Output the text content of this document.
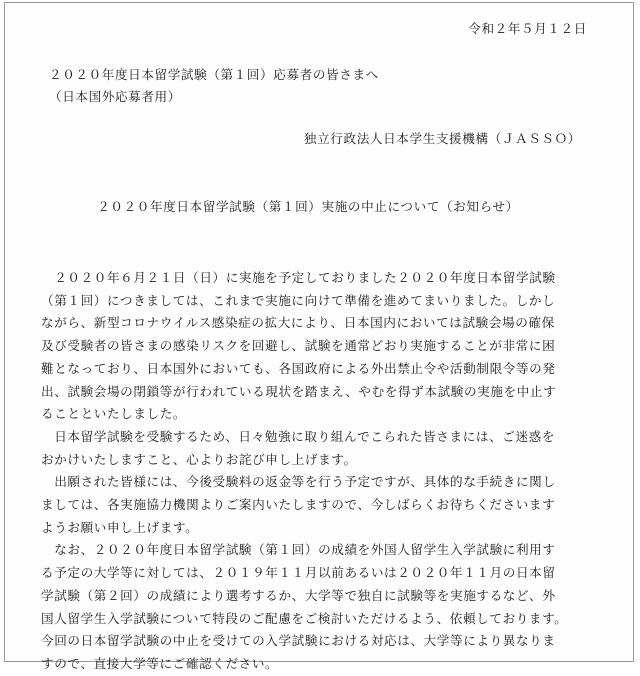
令和２年５月１２日
２０２０年度日本留学試験（第１回）応募者の皆さまへ
（日本国外応募者用）
独立行政法人日本学生支援機構（ＪＡＳＳＯ）
２０２０年度日本留学試験（第１回）実施の中止について（お知らせ）
　２０２０年６月２１日（日）に実施を予定しておりました２０２０年度日本留学試験
（第１回）につきましては、これまで実施に向けて準備を進めてまいりました。しかし
ながら、新型コロナウイルス感染症の拡大により、日本国内においては試験会場の確保
及び受験者の皆さまの感染リスクを回避し、試験を通常どおり実施することが非常に困
難となっており、日本国外においても、各国政府による外出禁止令や活動制限令等の発
出、試験会場の閉鎖等が行われている現状を踏まえ、やむを得ず本試験の実施を中止す
ることといたしました。
　日本留学試験を受験するため、日々勉強に取り組んでこられた皆さまには、ご迷惑を
おかけいたしますこと、心よりお詫び申し上げます。
　出願された皆様には、今後受験料の返金等を行う予定ですが、具体的な手続きに関し
ましては、各実施協力機関よりご案内いたしますので、今しばらくお待ちくださいます
ようお願い申し上げます。
　なお、２０２０年度日本留学試験（第１回）の成績を外国人留学生入学試験に利用す
る予定の大学等に対しては、２０１９年１１月以前あるいは２０２０年１１月の日本留
学試験（第２回）の成績により選考するか、大学等で独自に試験等を実施するなど、外
国人留学生入学試験について特段のご配慮をご検討いただけるよう、依頼しております。
今回の日本留学試験の中止を受けての入学試験における対応は、大学等により異なりま
すので、直接大学等にご確認ください。
